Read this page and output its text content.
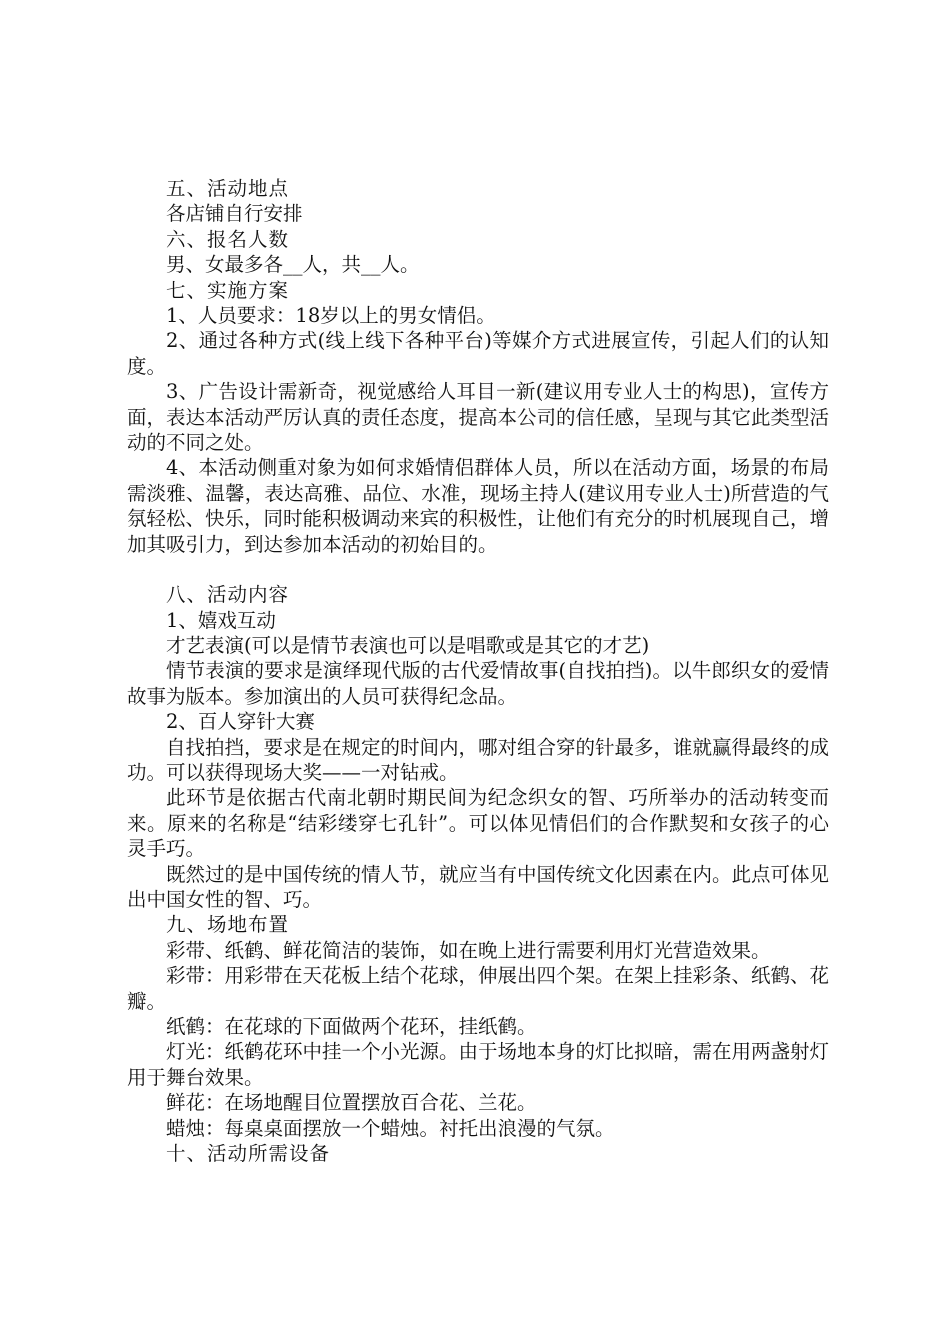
五、活动地点

各店铺自行安排

六、报名人数

男、女最多各__人，共__人。

七、实施方案

1、人员要求：18岁以上的男女情侣。

2、通过各种方式(线上线下各种平台)等媒介方式进展宣传，引起人们的认知度。

3、广告设计需新奇，视觉感给人耳目一新(建议用专业人士的构思)，宣传方面，表达本活动严厉认真的责任态度，提高本公司的信任感，呈现与其它此类型活动的不同之处。

4、本活动侧重对象为如何求婚情侣群体人员，所以在活动方面，场景的布局需淡雅、温馨，表达高雅、品位、水准，现场主持人(建议用专业人士)所营造的气氛轻松、快乐，同时能积极调动来宾的积极性，让他们有充分的时机展现自己，增加其吸引力，到达参加本活动的初始目的。

八、活动内容

1、嬉戏互动

才艺表演(可以是情节表演也可以是唱歌或是其它的才艺)

情节表演的要求是演绎现代版的古代爱情故事(自找拍挡)。以牛郎织女的爱情故事为版本。参加演出的人员可获得纪念品。

2、百人穿针大赛

自找拍挡，要求是在规定的时间内，哪对组合穿的针最多，谁就赢得最终的成功。可以获得现场大奖——一对钻戒。

此环节是依据古代南北朝时期民间为纪念织女的智、巧所举办的活动转变而来。原来的名称是“结彩缕穿七孔针”。可以体见情侣们的合作默契和女孩子的心灵手巧。

既然过的是中国传统的情人节，就应当有中国传统文化因素在内。此点可体见出中国女性的智、巧。

九、场地布置

彩带、纸鹤、鲜花简洁的装饰，如在晚上进行需要利用灯光营造效果。

彩带：用彩带在天花板上结个花球，伸展出四个架。在架上挂彩条、纸鹤、花瓣。

纸鹤：在花球的下面做两个花环，挂纸鹤。

灯光：纸鹤花环中挂一个小光源。由于场地本身的灯比拟暗，需在用两盏射灯用于舞台效果。

鲜花：在场地醒目位置摆放百合花、兰花。

蜡烛：每桌桌面摆放一个蜡烛。衬托出浪漫的气氛。

十、活动所需设备
